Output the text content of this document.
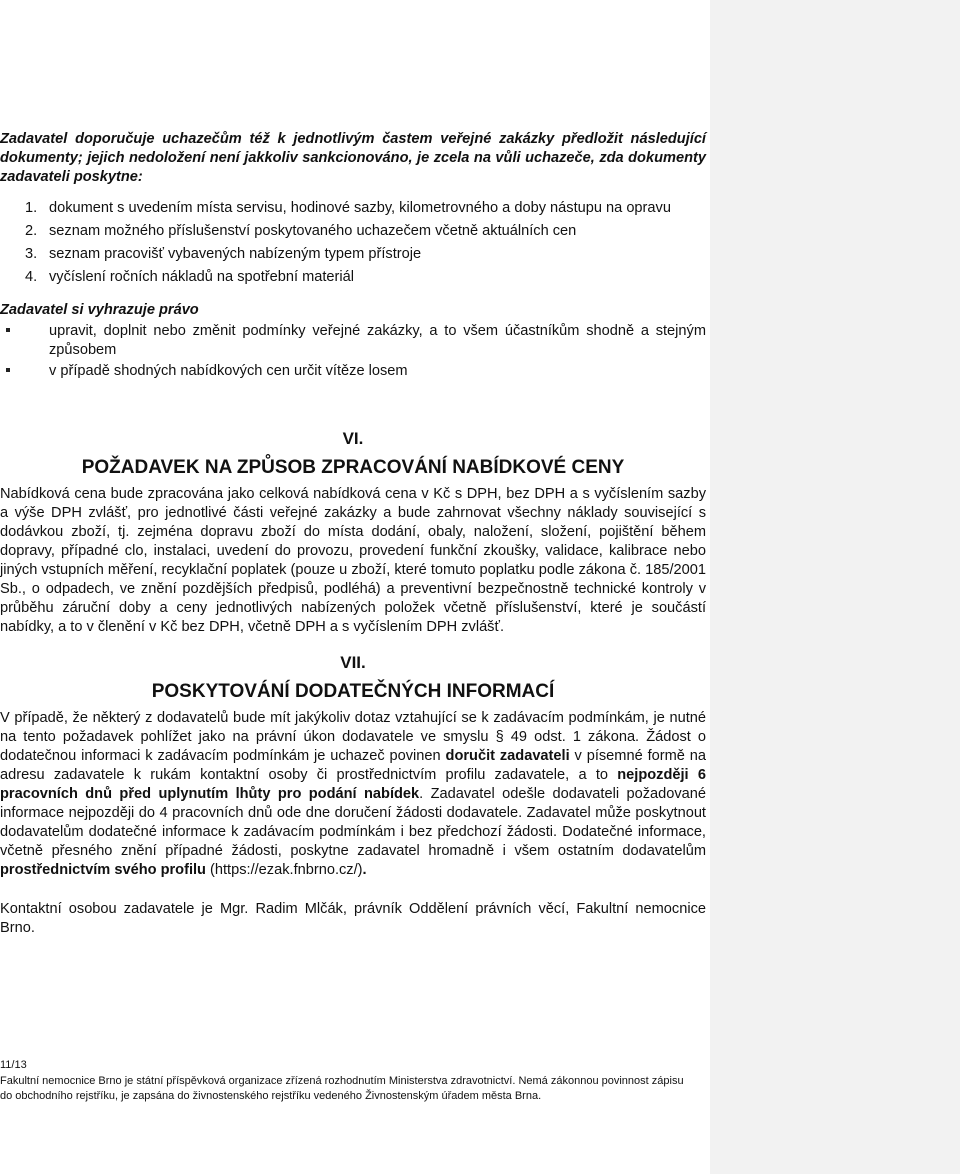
Zadavatel doporučuje uchazečům též k jednotlivým častem veřejné zakázky předložit následující dokumenty; jejich nedoložení není jakkoliv sankcionováno, je zcela na vůli uchazeče, zda dokumenty zadavateli poskytne:

1. dokument s uvedením místa servisu, hodinové sazby, kilometrovného a doby nástupu na opravu
2. seznam možného příslušenství poskytovaného uchazečem včetně aktuálních cen
3. seznam pracovišť vybavených nabízeným typem přístroje
4. vyčíslení ročních nákladů na spotřební materiál

Zadavatel si vyhrazuje právo

upravit, doplnit nebo změnit podmínky veřejné zakázky, a to všem účastníkům shodně a stejným způsobem
v případě shodných nabídkových cen určit vítěze losem
VI.
POŽADAVEK NA ZPŮSOB ZPRACOVÁNÍ NABÍDKOVÉ CENY

Nabídková cena bude zpracována jako celková nabídková cena v Kč s DPH, bez DPH a s vyčíslením sazby a výše DPH zvlášť, pro jednotlivé části veřejné zakázky a bude zahrnovat všechny náklady související s dodávkou zboží, tj. zejména dopravu zboží do místa dodání, obaly, naložení, složení, pojištění během dopravy, případné clo, instalaci, uvedení do provozu, provedení funkční zkoušky, validace, kalibrace nebo jiných vstupních měření, recyklační poplatek (pouze u zboží, které tomuto poplatku podle zákona č. 185/2001 Sb., o odpadech, ve znění pozdějších předpisů, podléhá) a preventivní bezpečnostně technické kontroly v průběhu záruční doby a ceny jednotlivých nabízených položek včetně příslušenství, které je součástí nabídky, a to v členění v Kč bez DPH, včetně DPH a s vyčíslením DPH zvlášť.

VII.
POSKYTOVÁNÍ DODATEČNÝCH INFORMACÍ

V případě, že některý z dodavatelů bude mít jakýkoliv dotaz vztahující se k zadávacím podmínkám, je nutné na tento požadavek pohlížet jako na právní úkon dodavatele ve smyslu § 49 odst. 1 zákona. Žádost o dodatečnou informaci k zadávacím podmínkám je uchazeč povinen doručit zadavateli v písemné formě na adresu zadavatele k rukám kontaktní osoby či prostřednictvím profilu zadavatele, a to nejpozději 6 pracovních dnů před uplynutím lhůty pro podání nabídek. Zadavatel odešle dodavateli požadované informace nejpozději do 4 pracovních dnů ode dne doručení žádosti dodavatele. Zadavatel může poskytnout dodavatelům dodatečné informace k zadávacím podmínkám i bez předchozí žádosti. Dodatečné informace, včetně přesného znění případné žádosti, poskytne zadavatel hromadně i všem ostatním dodavatelům prostřednictvím svého profilu (https://ezak.fnbrno.cz/).

Kontaktní osobou zadavatele je Mgr. Radim Mlčák, právník Oddělení právních věcí, Fakultní nemocnice Brno.

11/13
Fakultní nemocnice Brno je státní příspěvková organizace zřízená rozhodnutím Ministerstva zdravotnictví. Nemá zákonnou povinnost zápisu
do obchodního rejstříku, je zapsána do živnostenského rejstříku vedeného Živnostenským úřadem města Brna.
